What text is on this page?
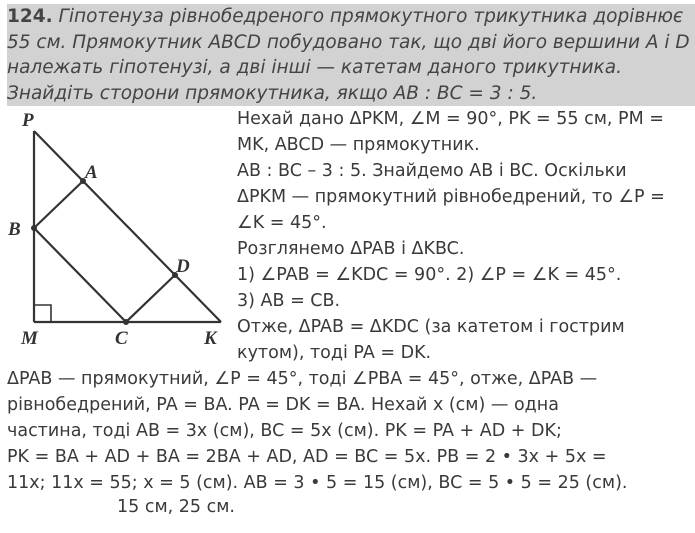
124. Гіпотенуза рівнобедреного прямокутного трикутника дорівнює
55 см. Прямокутник ABCD побудовано так, що дві його вершини A і D
належать гіпотенузі, а дві інші — катетам даного трикутника.
Знайдіть сторони прямокутника, якщо AB : BC = 3 : 5.
P
A
B
D
M	C	K
Нехай дано ΔPKM, ∠M = 90°, PK = 55 см, PM =
MK, ABCD — прямокутник.
AB : BC – 3 : 5. Знайдемо AB і BC. Оскільки
ΔPKM — прямокутний рівнобедрений, то ∠P =
∠K = 45°.
Розглянемо ΔPAB і ΔKBC.
1) ∠PAB = ∠KDC = 90°. 2) ∠P = ∠K = 45°.
3) AB = CB.
Отже, ΔPAB = ΔKDC (за катетом і гострим
кутом), тоді PA = DK.
ΔPAB — прямокутний, ∠P = 45°, тоді ∠PBA = 45°, отже, ΔPAB —
рівнобедрений, PA = BA. PA = DK = BA. Нехай x (см) — одна
частина, тоді AB = 3x (см), BC = 5x (см). PK = PA + AD + DK;
PK = BA + AD + BA = 2BA + AD, AD = BC = 5x. PB = 2 • 3x + 5x =
11x; 11x = 55; x = 5 (см). AB = 3 • 5 = 15 (см), BC = 5 • 5 = 25 (см).
15 см, 25 см.
